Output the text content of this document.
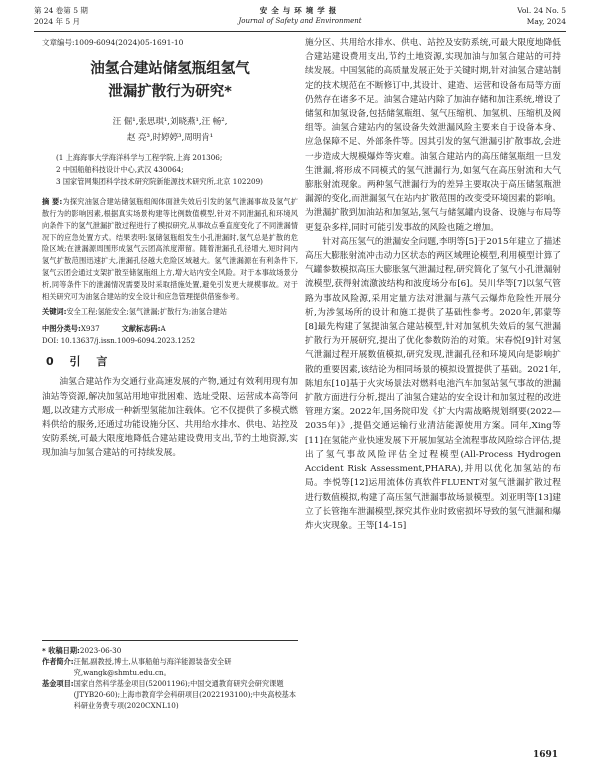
第 24 卷第 5 期
2024 年 5 月
安全与环境学报
Journal of Safety and Environment
Vol. 24 No. 5
May, 2024
文章编号:1009-6094(2024)05-1691-10
油氢合建站储氢瓶组氢气
泄漏扩散行为研究*
汪 倔¹,张思琪¹,刘晓燕¹,汪 畅²,
赵 亮³,时婷婷³,周明肯¹
(1 上海海事大学海洋科学与工程学院,上海 201306;
2 中国船舶科技设计中心,武汉 430064;
3 国家管网集团科学技术研究院新能源技术研究所,北京 102209)
摘 要:为探究油氢合建站储氢瓶组阀体面泄失效后引发的氢气泄漏事故及氢气扩散行为的影响因素,根据真实场景构建等比例数值模型,针对不同泄漏孔和环境风向条件下的氢气泄漏扩散过程进行了模拟研究,从事故点垂直度变化了不同泄漏情况下的应急处置方式。结果表明:氢储氢瓶组发生小孔泄漏时,氢气总是扩散的危险区域;在泄漏源周围形成氢气云团高浓度滞留。随着泄漏孔孔径增大,短时间内氢气扩散范围迅速扩大,泄漏孔径越大危险区域越大。氢气泄漏源在有利条件下,氢气云团会通过支架扩散至储氢瓶组上方,增大站内安全风险。对于本事故场景分析,同等条件下的泄漏情况需要及时采取措施处置,避免引发更大规模事故。对于相关研究可为油氢合建站的安全设计和应急管理提供借鉴参考。
关键词:安全工程;氢能安全;氢气泄漏;扩散行为;油氢合建站
中图分类号:X937	文献标志码:A
DOI: 10.13637/j.issn.1009-6094.2023.1252
0 引 言
油氢合建站作为交通行业高速发展的产物,通过有效利用现有加油站等资源,解决加氢站用地审批困难、选址受限、运营成本高等问题,以改建方式形成一种新型氢能加注载体。它不仅提供了多模式燃料供给的服务,还通过功能设施分区、共用给水排水、供电、站控及安防系统,可最大限度地降低合建站建设费用支出,节约土地资源,实现加油与加氢合建站的可持续发展。
* 收稿日期: 2023-06-30
作者简介: 汪倔,副教授,博士,从事船舶与海洋能源装备安全研究,wangk@shmtu.edu.cn。
基金项目: 国家自然科学基金项目(52001196);中国交通教育研究会研究课题(JTYB20-60);上海市教育学会科研项目(2022193100);中央高校基本科研业务费专项(2020CXNL10)
施分区、共用给水排水、供电、站控及安防系统,可最大限度地降低合建站建设费用支出,节约土地资源,实现加油与加氢合建站的可持续发展。中国氢能的高质量发展正处于关键时期,针对油氢合建站制定的技术规范在不断修订中,其设计、建造、运营和设备布局等方面仍然存在诸多不足。油氢合建站内除了加油存储和加注系统,增设了储氢和加氢设备,包括储氢瓶组、氢气压缩机、加氢机、压缩机及阀组等。油氢合建站内的氢设备失效泄漏风险主要来自于设备本身、应急保障不足、外部条件等。因其引发的氢气泄漏引扩散事故,会进一步造成大规模爆炸等灾难。油氢合建站内的高压储氢瓶组一旦发生泄漏,将形成不同模式的氢气泄漏行为,如氢气在高压射流和大气膨胀射流现象。两种氢气泄漏行为的差异主要取决于高压储氢瓶泄漏源的变化,而泄漏氢气在站内扩散范围的改变受环境因素的影响。为泄漏扩散到加油站和加氢站,氢气与储氢罐内设备、设施与布局等更复杂多样,同时可能引发事故的风险也随之增加。
针对高压氢气的泄漏安全问题,李明等[5]于2015年建立了描述高压大膨胀射流冲击动力区状态的两区域理论模型,利用模型计算了气罐参数模拟高压大膨胀氢气泄漏过程,研究简化了氢气小孔泄漏射流模型,获得射流激波结构和波度场分布[6]。吴川华等[7]以氢气管路为事故风险源,采用定量方法对泄漏与蒸气云爆炸危险性开展分析,为涉氢场所的设计和施工提供了基础性参考。2020年,郭蒙等[8]最先构建了氢提油氢合建站模型,针对加氢机失效后的氢气泄漏扩散行为开展研究,提出了优化参数防治的对策。宋春悦[9]针对氢气泄漏过程开展数值模拟,研究发现,泄漏孔径和环境风向是影响扩散的重要因素,该结论为相同场景的模拟设置提供了基础。2021年,陈旭东[10]基于火灾场景法对燃料电池汽车加氢站氢气事故的泄漏扩散方面进行分析,提出了油氢合建站的安全设计和加氢过程的改进管理方案。2022年,国务院印发《扩大内需战略规划纲要(2022—2035年)》,提倡交通运输行业清洁能源使用方案。同年,Xing等[11]在氢能产业快速发展下开展加氢站全流程事故风险综合评估,提出了氢气事故风险评估全过程模型(All-Process Hydrogen Accident Risk Assessment,PHARA),并用以优化加氢站的布局。李悦等[12]运用流体仿真软件FLUENT对氢气泄漏扩散过程进行数值模拟,构建了高压氢气泄漏事故场景模型。刘亚明等[13]建立了长管拖车泄漏模型,探究其作业时致密损坏导致的氢气泄漏和爆炸火灾现象。王等[14-15]
1691
